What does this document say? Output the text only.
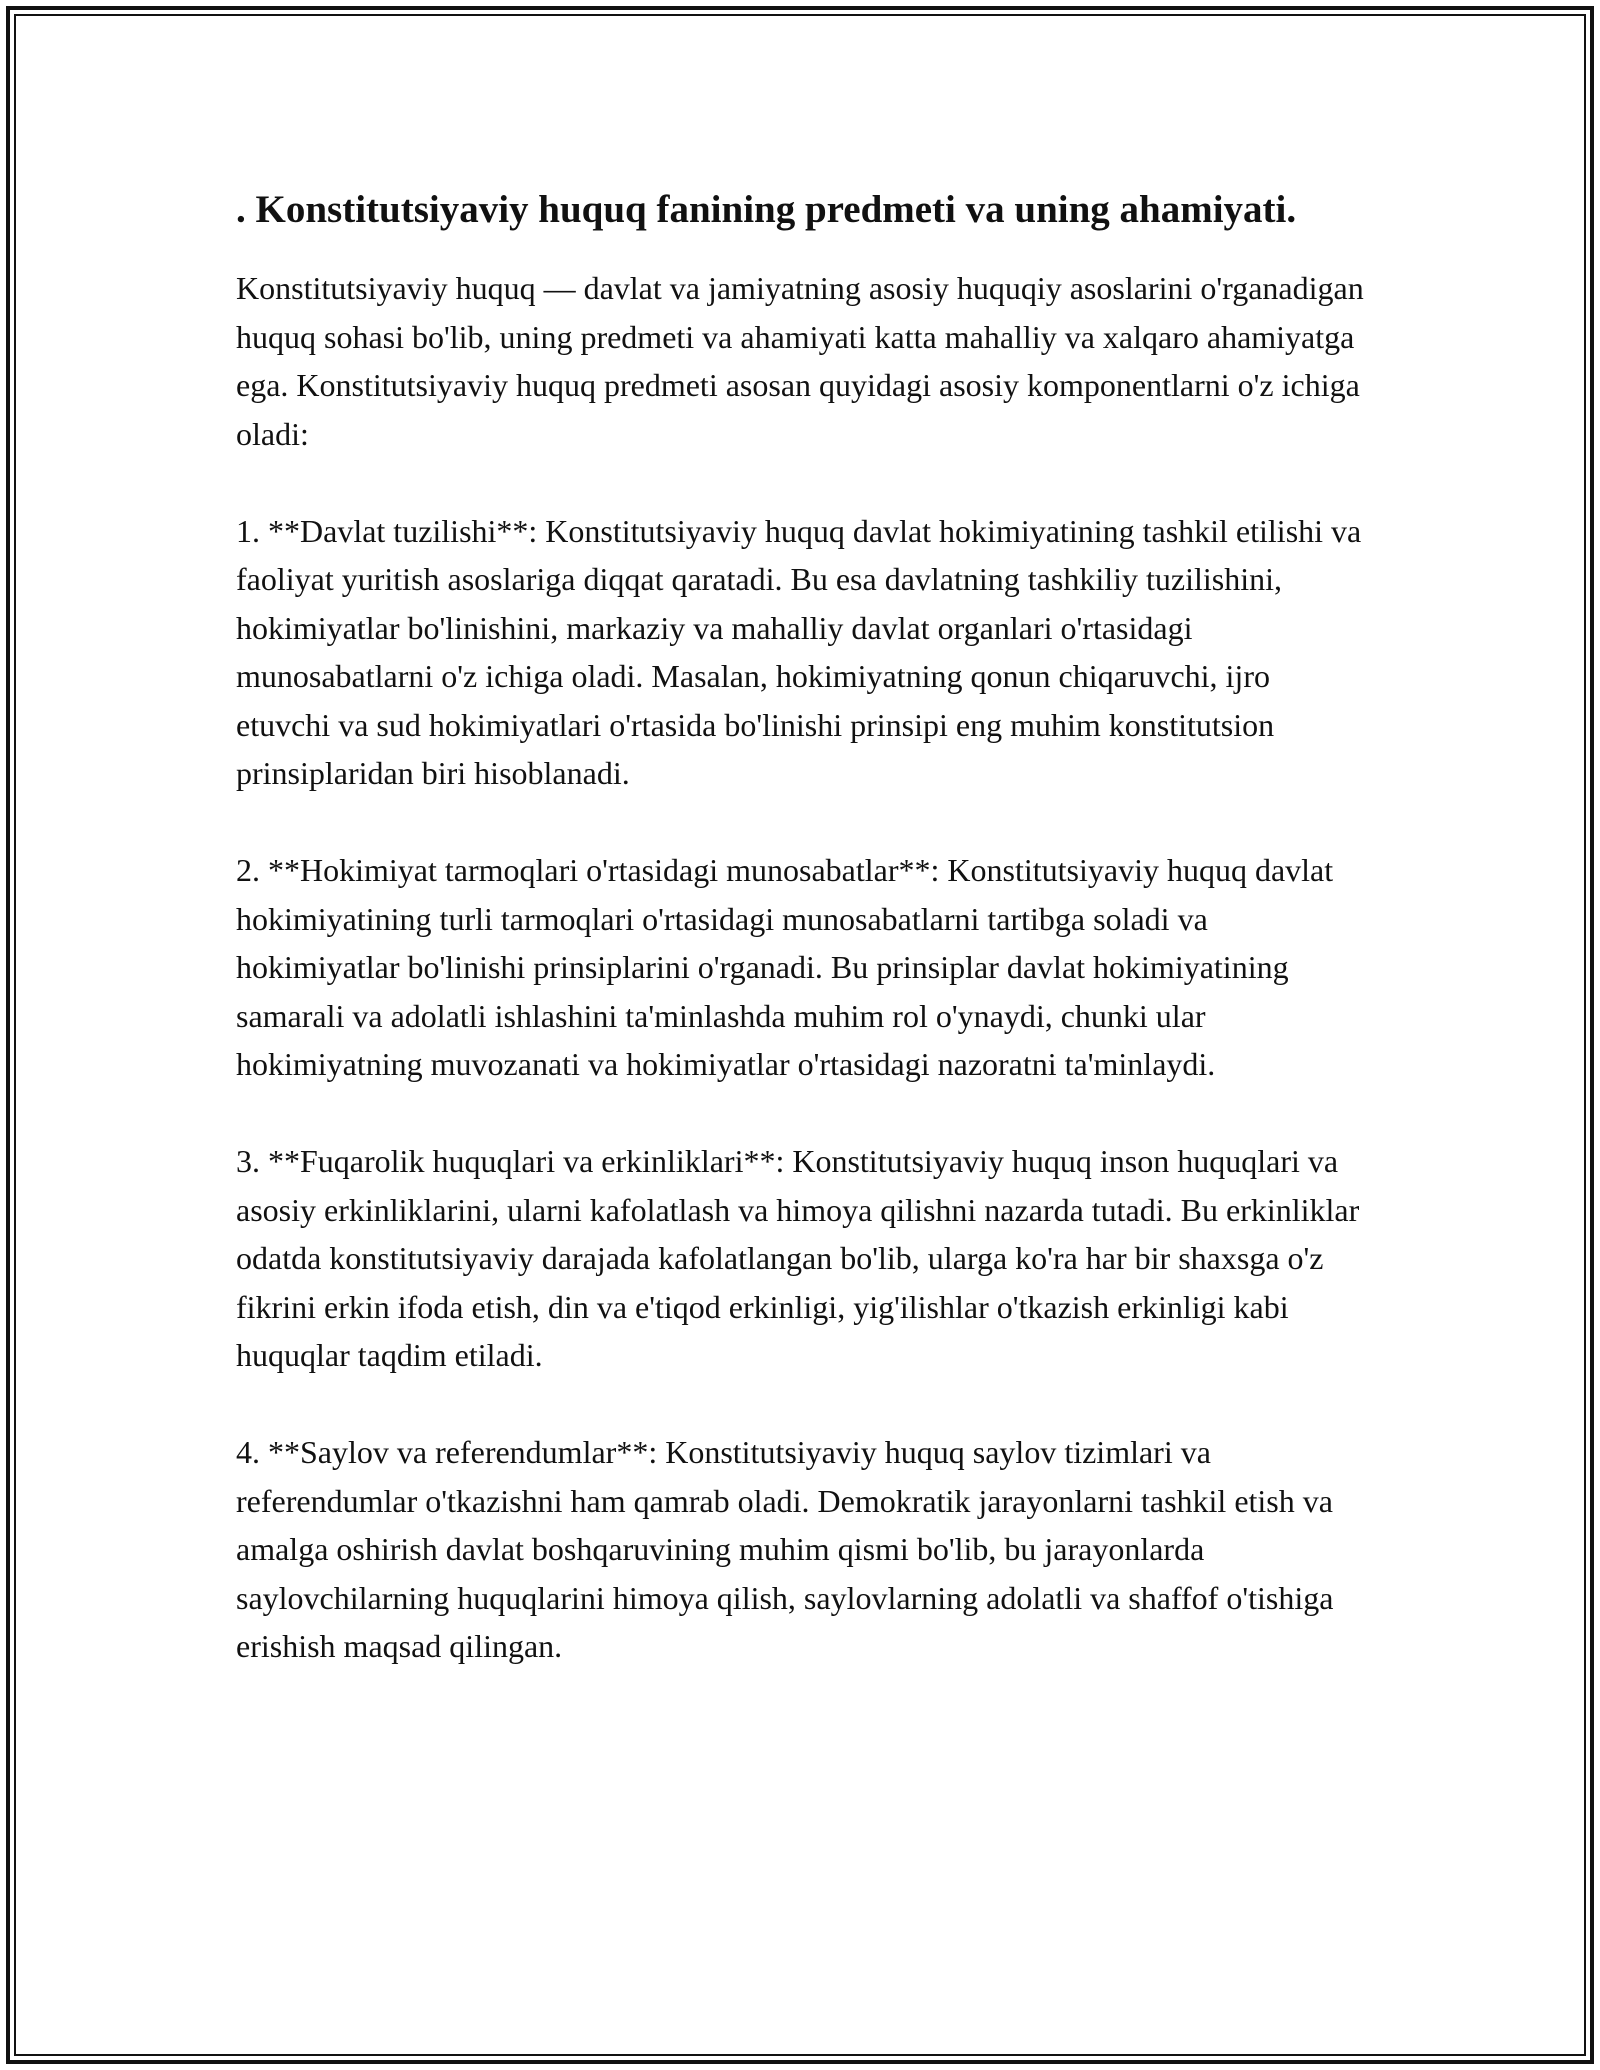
. Konstitutsiyaviy huquq fanining predmeti va uning ahamiyati.

Konstitutsiyaviy huquq — davlat va jamiyatning asosiy huquqiy asoslarini o'rganadigan huquq sohasi bo'lib, uning predmeti va ahamiyati katta mahalliy va xalqaro ahamiyatga ega. Konstitutsiyaviy huquq predmeti asosan quyidagi asosiy komponentlarni o'z ichiga oladi:

1. **Davlat tuzilishi**: Konstitutsiyaviy huquq davlat hokimiyatining tashkil etilishi va faoliyat yuritish asoslariga diqqat qaratadi. Bu esa davlatning tashkiliy tuzilishini, hokimiyatlar bo'linishini, markaziy va mahalliy davlat organlari o'rtasidagi munosabatlarni o'z ichiga oladi. Masalan, hokimiyatning qonun chiqaruvchi, ijro etuvchi va sud hokimiyatlari o'rtasida bo'linishi prinsipi eng muhim konstitutsion prinsiplaridan biri hisoblanadi.

2. **Hokimiyat tarmoqlari o'rtasidagi munosabatlar**: Konstitutsiyaviy huquq davlat hokimiyatining turli tarmoqlari o'rtasidagi munosabatlarni tartibga soladi va hokimiyatlar bo'linishi prinsiplarini o'rganadi. Bu prinsiplar davlat hokimiyatining samarali va adolatli ishlashini ta'minlashda muhim rol o'ynaydi, chunki ular hokimiyatning muvozanati va hokimiyatlar o'rtasidagi nazoratni ta'minlaydi.

3. **Fuqarolik huquqlari va erkinliklari**: Konstitutsiyaviy huquq inson huquqlari va asosiy erkinliklarini, ularni kafolatlash va himoya qilishni nazarda tutadi. Bu erkinliklar odatda konstitutsiyaviy darajada kafolatlangan bo'lib, ularga ko'ra har bir shaxsga o'z fikrini erkin ifoda etish, din va e'tiqod erkinligi, yig'ilishlar o'tkazish erkinligi kabi huquqlar taqdim etiladi.

4. **Saylov va referendumlar**: Konstitutsiyaviy huquq saylov tizimlari va referendumlar o'tkazishni ham qamrab oladi. Demokratik jarayonlarni tashkil etish va amalga oshirish davlat boshqaruvining muhim qismi bo'lib, bu jarayonlarda saylovchilarning huquqlarini himoya qilish, saylovlarning adolatli va shaffof o'tishiga erishish maqsad qilingan.
